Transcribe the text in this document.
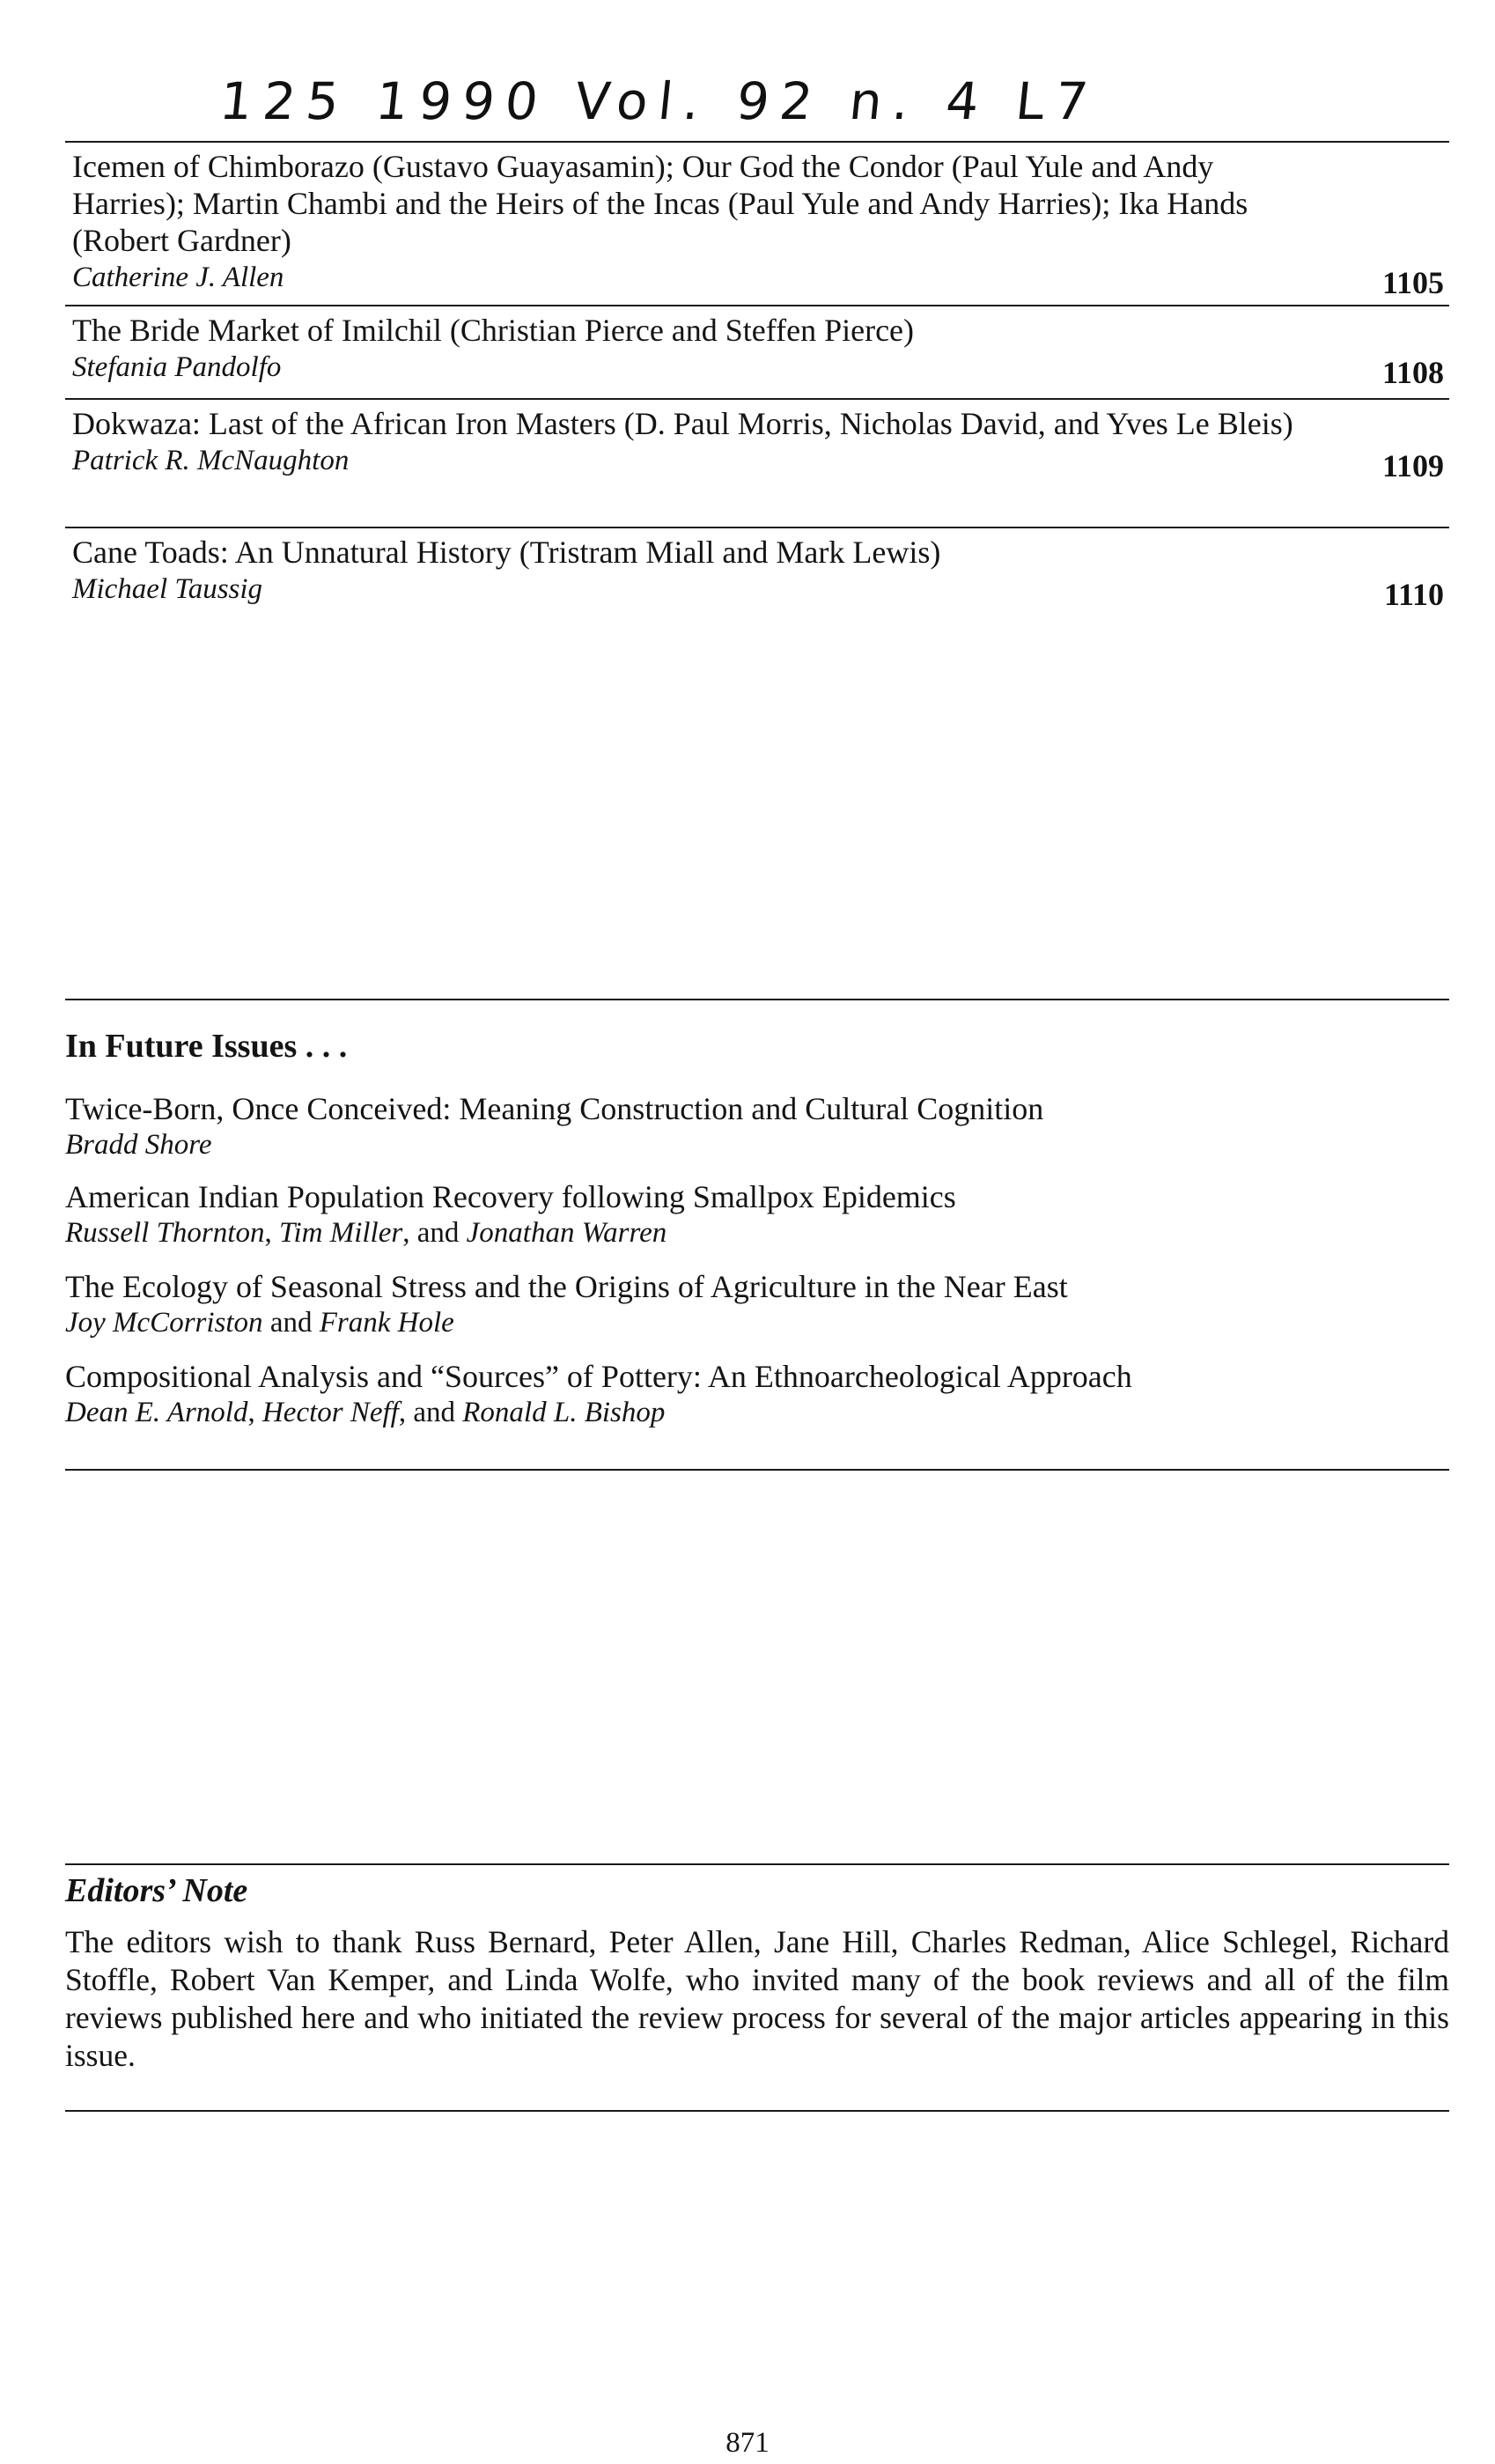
125 1990 Vol. 92 n. 4 L7

Icemen of Chimborazo (Gustavo Guayasamin); Our God the Condor (Paul Yule and Andy Harries); Martin Chambi and the Heirs of the Incas (Paul Yule and Andy Harries); Ika Hands (Robert Gardner)

Catherine J. Allen	1105

The Bride Market of Imilchil (Christian Pierce and Steffen Pierce)

Stefania Pandolfo	1108

Dokwaza: Last of the African Iron Masters (D. Paul Morris, Nicholas David, and Yves Le Bleis)

Patrick R. McNaughton	1109

Cane Toads: An Unnatural History (Tristram Miall and Mark Lewis)

Michael Taussig	1110
In Future Issues . . .
Twice-Born, Once Conceived: Meaning Construction and Cultural Cognition
Bradd Shore
American Indian Population Recovery following Smallpox Epidemics
Russell Thornton, Tim Miller, and Jonathan Warren
The Ecology of Seasonal Stress and the Origins of Agriculture in the Near East
Joy McCorriston and Frank Hole
Compositional Analysis and “Sources” of Pottery: An Ethnoarcheological Approach
Dean E. Arnold, Hector Neff, and Ronald L. Bishop
Editors’ Note

The editors wish to thank Russ Bernard, Peter Allen, Jane Hill, Charles Redman, Alice Schlegel, Richard Stoffle, Robert Van Kemper, and Linda Wolfe, who invited many of the book reviews and all of the film reviews published here and who initiated the review process for several of the major articles appearing in this issue.

871
